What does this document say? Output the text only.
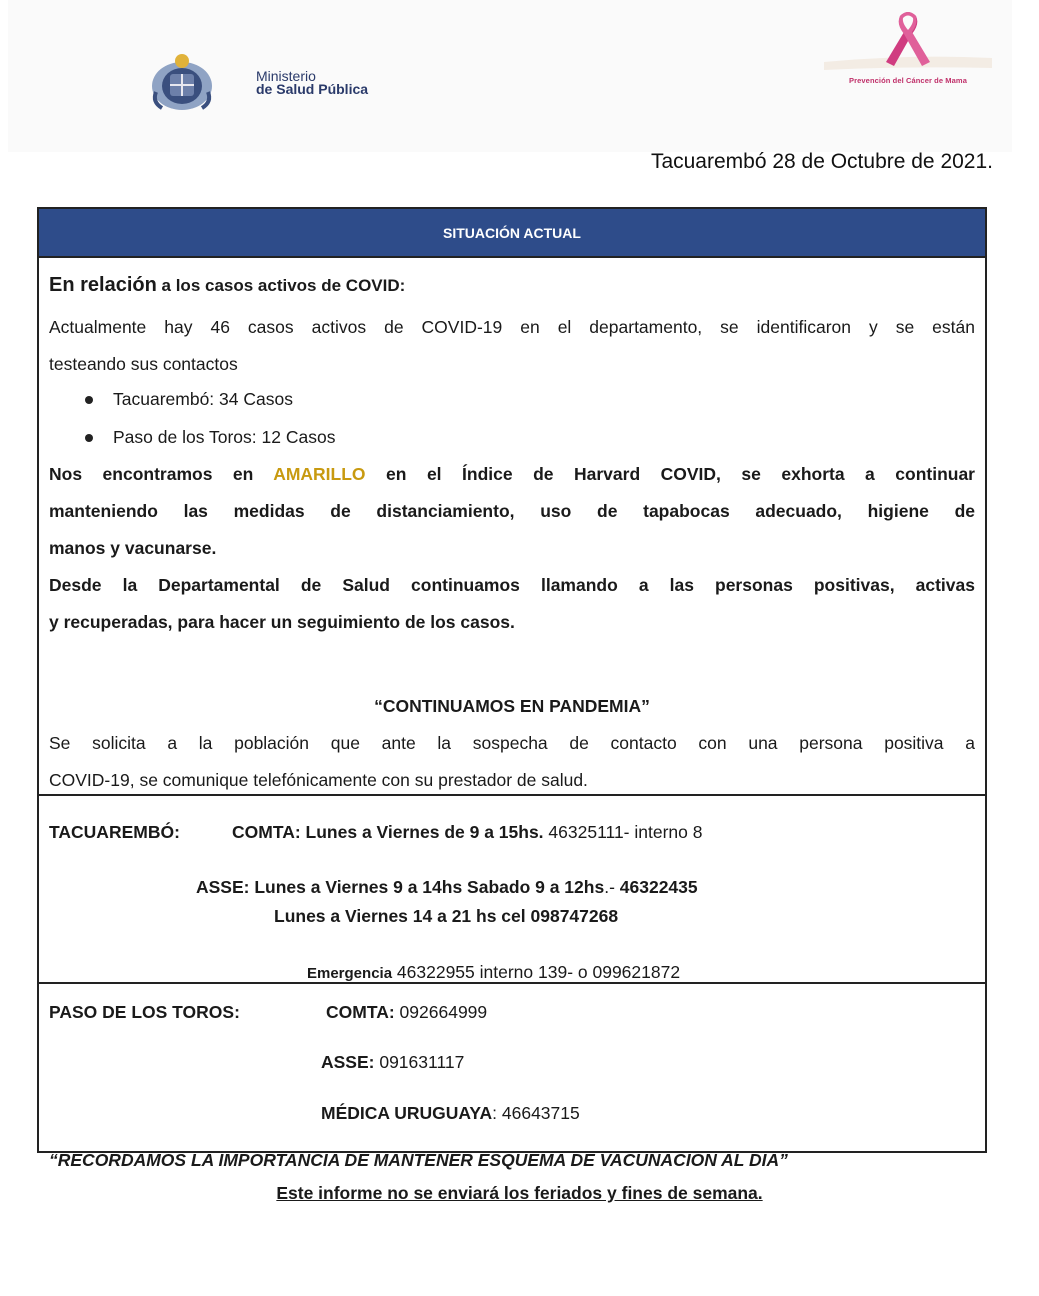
Ministerio
de Salud Pública
Prevención del Cáncer de Mama
Tacuarembó 28 de Octubre de 2021.
SITUACIÓN ACTUAL
En relación a los casos activos de COVID:
Actualmente hay 46 casos activos de COVID-19 en el departamento, se identificaron y se están
testeando sus contactos
Tacuarembó: 34 Casos
Paso de los Toros: 12 Casos
Nos encontramos en AMARILLO en el Índice de Harvard COVID, se exhorta a continuar
manteniendo las medidas de distanciamiento, uso de tapabocas adecuado, higiene de
manos y vacunarse.
Desde la Departamental de Salud continuamos llamando a las personas positivas, activas
y recuperadas, para hacer un seguimiento de los casos.
“CONTINUAMOS EN PANDEMIA”
Se solicita a la población que ante la sospecha de contacto con una persona positiva a
COVID-19, se comunique telefónicamente con su prestador de salud.
TACUAREMBÓ:	COMTA: Lunes a Viernes de 9 a 15hs. 46325111- interno 8
ASSE: Lunes a Viernes 9 a 14hs Sabado 9 a 12hs.- 46322435
Lunes a Viernes 14 a 21 hs cel 098747268
Emergencia 46322955 interno 139- o 099621872
PASO DE LOS TOROS:	COMTA: 092664999
ASSE: 091631117
MÉDICA URUGUAYA: 46643715
“RECORDAMOS LA IMPORTANCIA DE MANTENER ESQUEMA DE VACUNACION AL DIA”
Este informe no se enviará los feriados y fines de semana.
